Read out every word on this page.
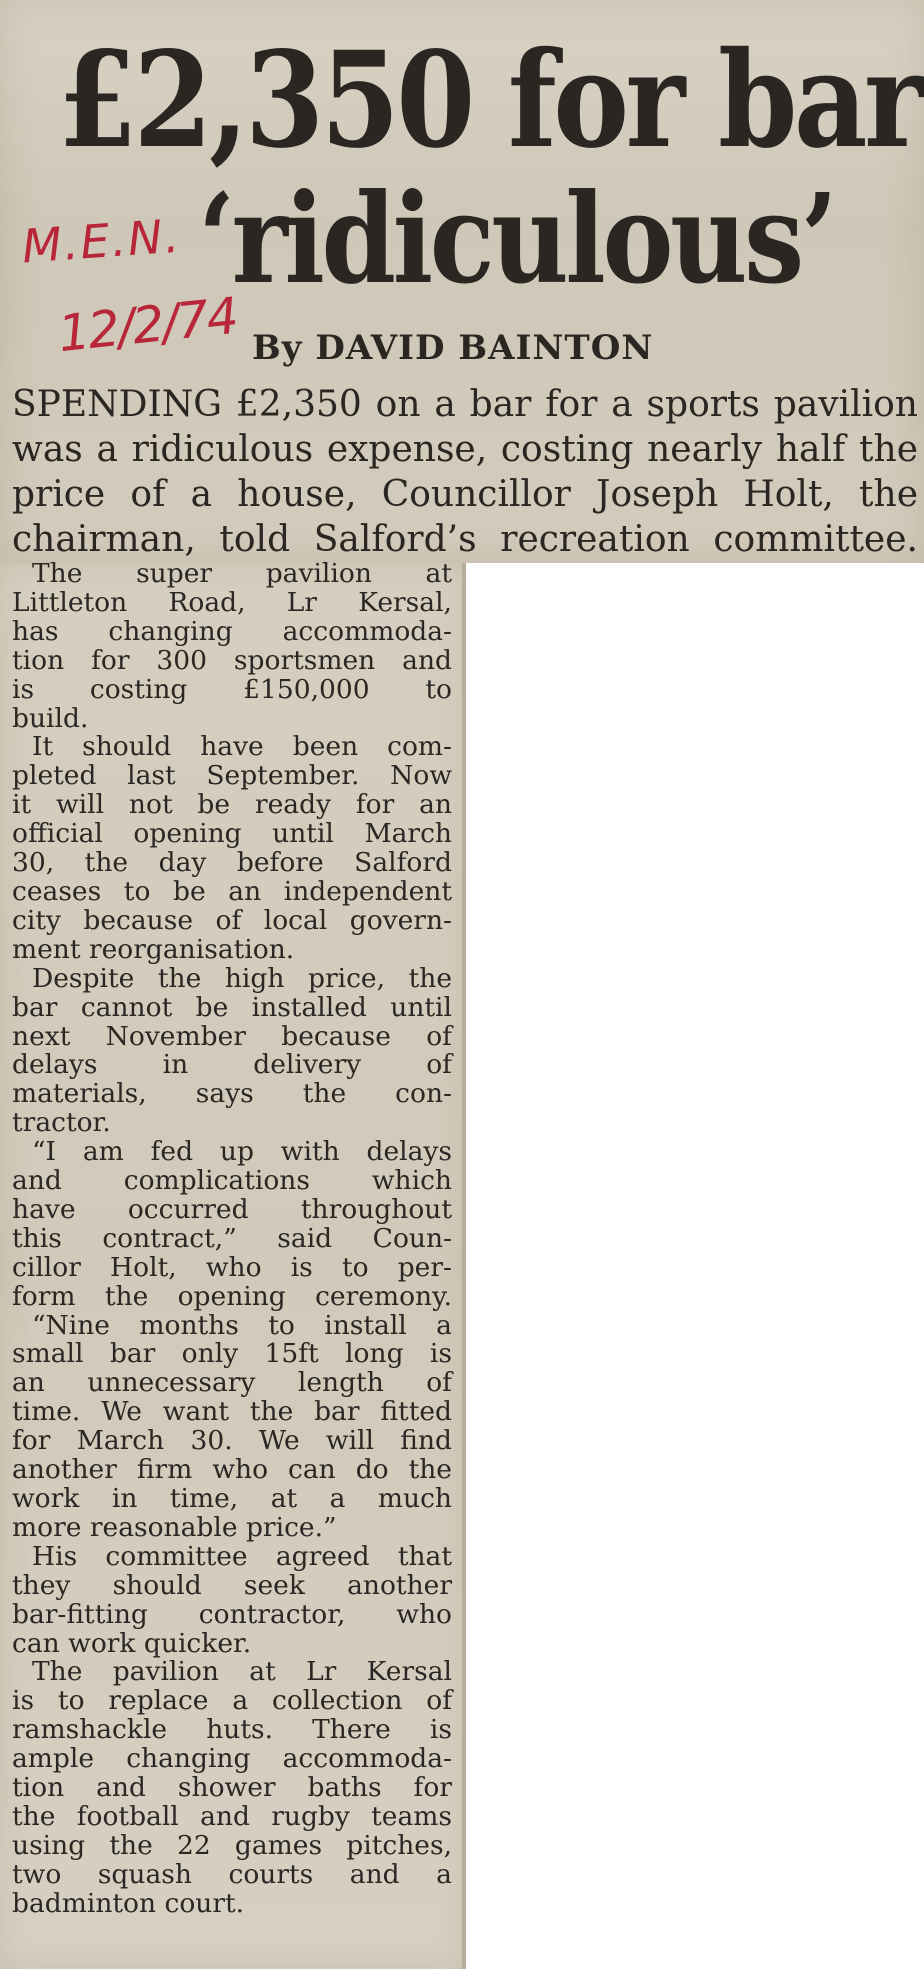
£2,350 for bar
‘ridiculous’
M.E.N.
12/2/74 By DAVID BAINTON

SPENDING £2,350 on a bar for a sports pavilion
was a ridiculous expense, costing nearly half the
price of a house, Councillor Joseph Holt, the
chairman, told Salford’s recreation committee.

The super pavilion at
Littleton Road, Lr Kersal,
has changing accommoda-
tion for 300 sportsmen and
is costing £150,000 to
build.
It should have been com-
pleted last September. Now
it will not be ready for an
official opening until March
30, the day before Salford
ceases to be an independent
city because of local govern-
ment reorganisation.
Despite the high price, the
bar cannot be installed until
next November because of
delays in delivery of
materials, says the con-
tractor.
“I am fed up with delays
and complications which
have occurred throughout
this contract,” said Coun-
cillor Holt, who is to per-
form the opening ceremony.
“Nine months to install a
small bar only 15ft long is
an unnecessary length of
time. We want the bar fitted
for March 30. We will find
another firm who can do the
work in time, at a much
more reasonable price.”
His committee agreed that
they should seek another
bar-fitting contractor, who
can work quicker.
The pavilion at Lr Kersal
is to replace a collection of
ramshackle huts. There is
ample changing accommoda-
tion and shower baths for
the football and rugby teams
using the 22 games pitches,
two squash courts and a
badminton court.
